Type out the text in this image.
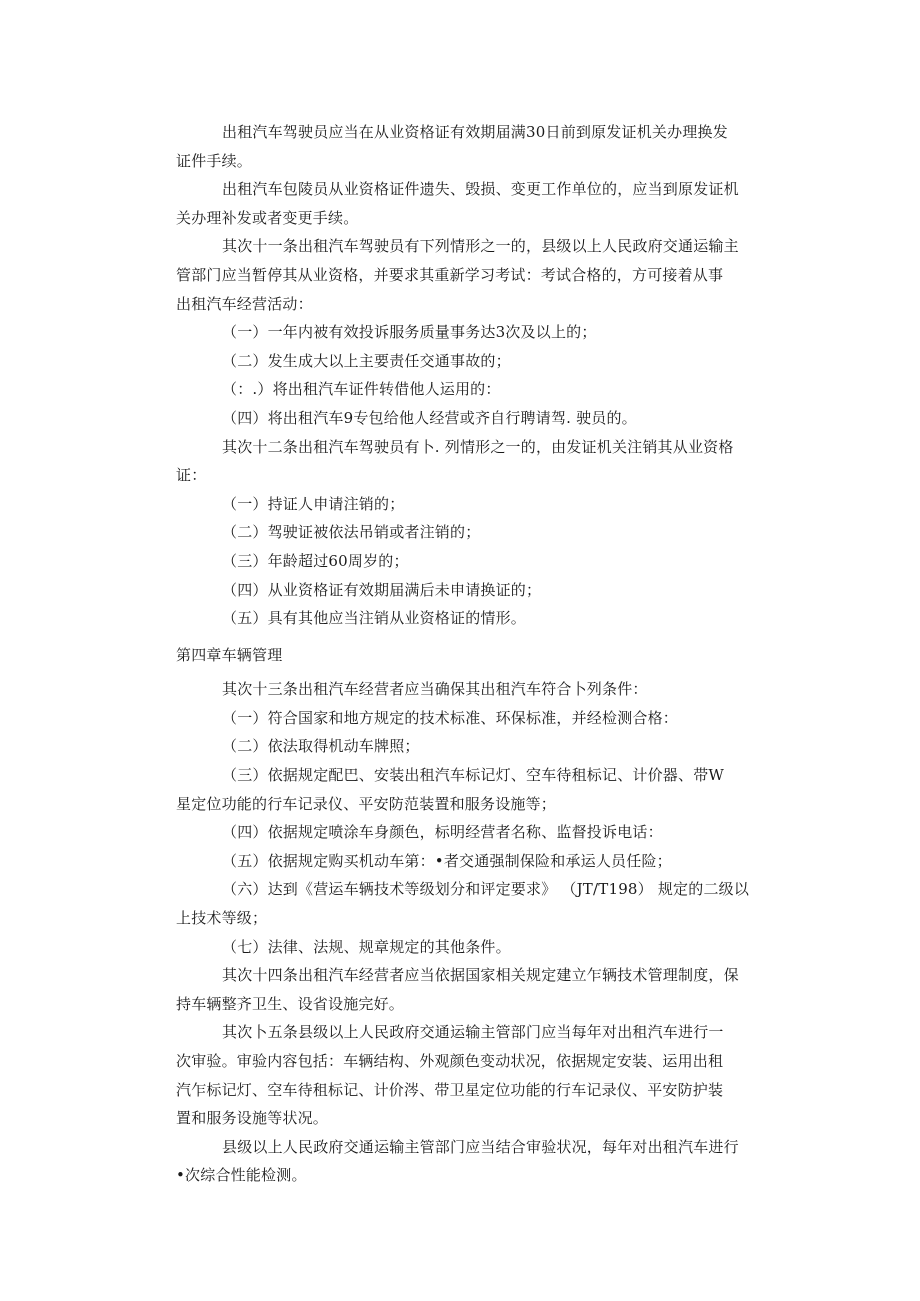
出租汽车驾驶员应当在从业资格证有效期届满30日前到原发证机关办理换发
证件手续。
出租汽车包陵员从业资格证件遗失、毁损、变更工作单位的，应当到原发证机
关办理补发或者变更手续。
其次十一条出租汽车驾驶员有下列情形之一的，县级以上人民政府交通运输主
管部门应当暂停其从业资格，并要求其重新学习考试：考试合格的，方可接着从事
出租汽车经营活动：
（一）一年内被有效投诉服务质量事务达3次及以上的；
（二）发生成大以上主要责任交通事故的；
（：.）将出租汽车证件转借他人运用的：
（四）将出租汽车9专包给他人经营或齐自行聘请驾. 驶员的。
其次十二条出租汽车驾驶员有卜. 列情形之一的，由发证机关注销其从业资格
证：
（一）持证人申请注销的；
（二）驾驶证被依法吊销或者注销的；
（三）年龄超过60周岁的；
（四）从业资格证有效期届满后未申请换证的；
（五）具有其他应当注销从业资格证的情形。
第四章车辆管理
其次十三条出租汽车经营者应当确保其出租汽车符合卜列条件：
（一）符合国家和地方规定的技术标准、环保标准，并经检测合格：
（二）依法取得机动车牌照；
（三）依据规定配巴、安装出租汽车标记灯、空车待租标记、计价器、带W
星定位功能的行车记录仪、平安防范装置和服务设施等；
（四）依据规定喷涂车身颜色，标明经营者名称、监督投诉电话：
（五）依据规定购买机动车第：•者交通强制保险和承运人员任险；
（六）达到《营运车辆技术等级划分和评定要求》 （JT/T198） 规定的二级以
上技术等级；
（七）法律、法规、规章规定的其他条件。
其次十四条出租汽车经营者应当依据国家相关规定建立乍辆技术管理制度，保
持车辆整齐卫生、设省设施完好。
其次卜五条县级以上人民政府交通运输主管部门应当每年对出租汽车进行一
次审验。审验内容包括：车辆结构、外观颜色变动状况，依据规定安装、运用出租
汽乍标记灯、空车待租标记、计价涔、带卫星定位功能的行车记录仪、平安防护装
置和服务设施等状况。
县级以上人民政府交通运输主管部门应当结合审验状况，每年对出租汽车进行
•次综合性能检测。
